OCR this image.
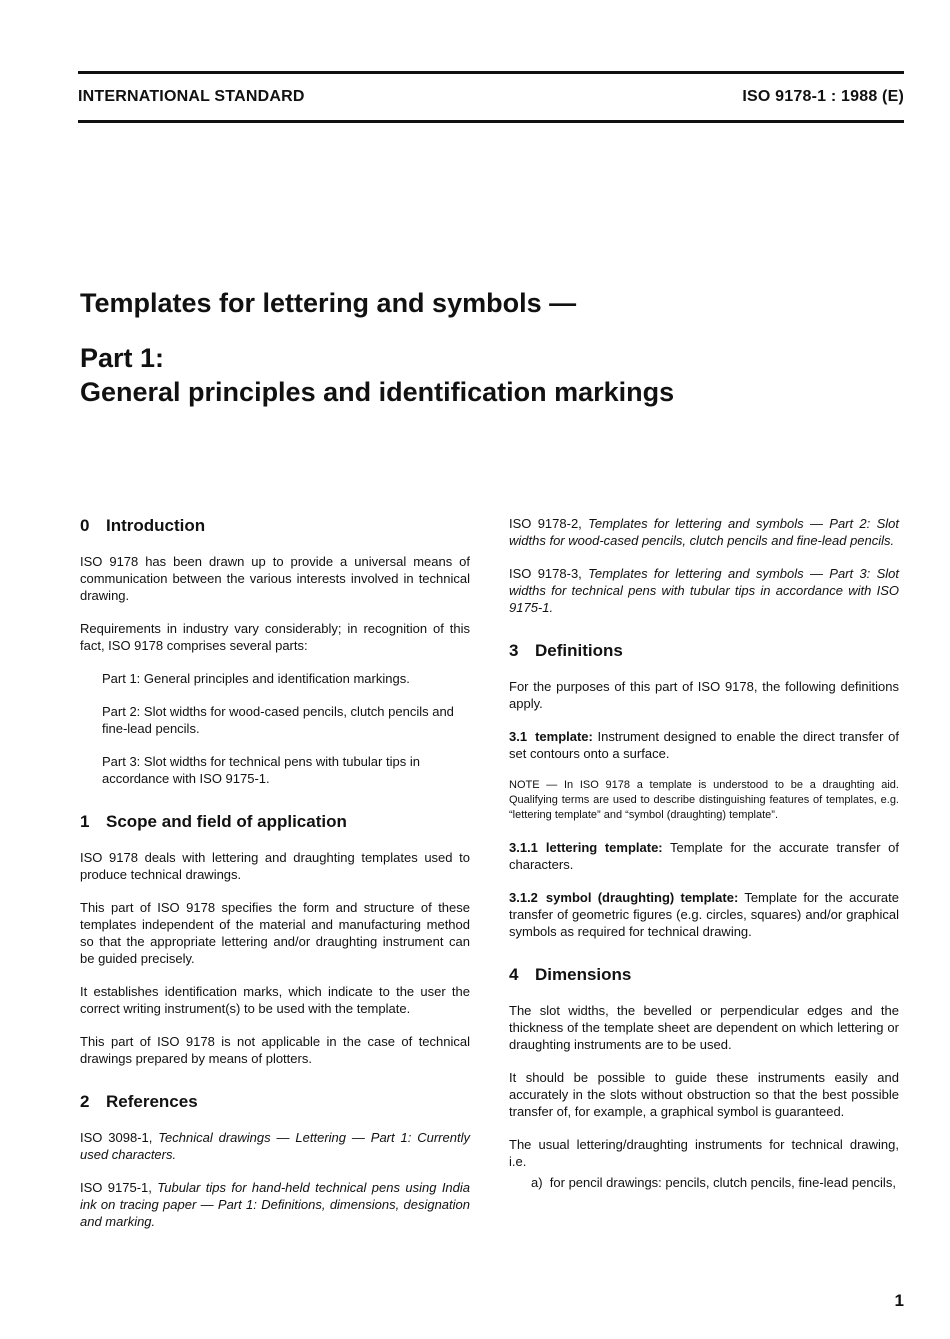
INTERNATIONAL STANDARD	ISO 9178-1 : 1988 (E)
Templates for lettering and symbols —
Part 1:
General principles and identification markings
0 Introduction

ISO 9178 has been drawn up to provide a universal means of communication between the various interests involved in technical drawing.

Requirements in industry vary considerably; in recognition of this fact, ISO 9178 comprises several parts:

Part 1: General principles and identification markings.

Part 2: Slot widths for wood-cased pencils, clutch pencils and fine-lead pencils.

Part 3: Slot widths for technical pens with tubular tips in accordance with ISO 9175-1.

1 Scope and field of application

ISO 9178 deals with lettering and draughting templates used to produce technical drawings.

This part of ISO 9178 specifies the form and structure of these templates independent of the material and manufacturing method so that the appropriate lettering and/or draughting instrument can be guided precisely.

It establishes identification marks, which indicate to the user the correct writing instrument(s) to be used with the template.

This part of ISO 9178 is not applicable in the case of technical drawings prepared by means of plotters.

2 References

ISO 3098-1, Technical drawings — Lettering — Part 1: Currently used characters.

ISO 9175-1, Tubular tips for hand-held technical pens using India ink on tracing paper — Part 1: Definitions, dimensions, designation and marking.

ISO 9178-2, Templates for lettering and symbols — Part 2: Slot widths for wood-cased pencils, clutch pencils and fine-lead pencils.

ISO 9178-3, Templates for lettering and symbols — Part 3: Slot widths for technical pens with tubular tips in accordance with ISO 9175-1.

3 Definitions

For the purposes of this part of ISO 9178, the following definitions apply.

3.1 template: Instrument designed to enable the direct transfer of set contours onto a surface.

NOTE — In ISO 9178 a template is understood to be a draughting aid. Qualifying terms are used to describe distinguishing features of templates, e.g. “lettering template” and “symbol (draughting) template”.

3.1.1 lettering template: Template for the accurate transfer of characters.

3.1.2 symbol (draughting) template: Template for the accurate transfer of geometric figures (e.g. circles, squares) and/or graphical symbols as required for technical drawing.

4 Dimensions

The slot widths, the bevelled or perpendicular edges and the thickness of the template sheet are dependent on which lettering or draughting instruments are to be used.

It should be possible to guide these instruments easily and accurately in the slots without obstruction so that the best possible transfer of, for example, a graphical symbol is guaranteed.

The usual lettering/draughting instruments for technical drawing, i.e.

a) for pencil drawings: pencils, clutch pencils, fine-lead pencils,

1
